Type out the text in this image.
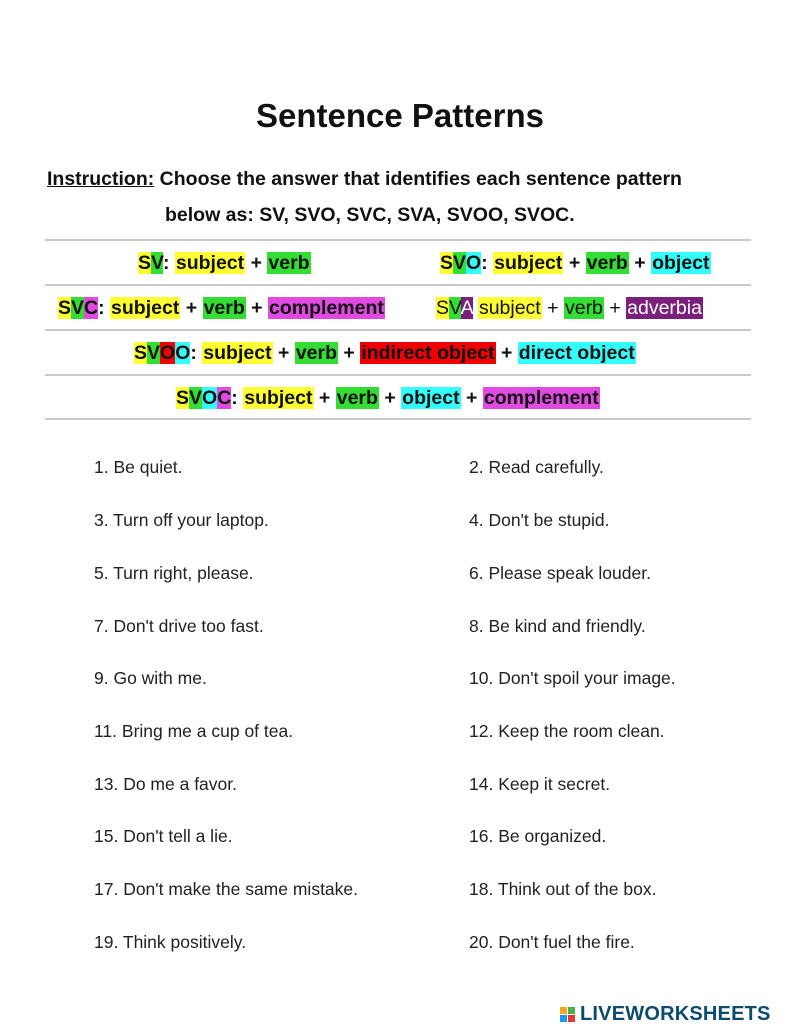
Sentence Patterns
Instruction: Choose the answer that identifies each sentence pattern
below as: SV, SVO, SVC, SVA, SVOO, SVOC.
SV: subject + verb	SVO: subject + verb + object
SVC: subject + verb + complement	SVA subject + verb + adverbia
SVOO: subject + verb + indirect object + direct object
SVOC: subject + verb + object + complement
1. Be quiet.	2. Read carefully.
3. Turn off your laptop.	4. Don't be stupid.
5. Turn right, please.	6. Please speak louder.
7. Don't drive too fast.	8. Be kind and friendly.
9. Go with me.	10. Don't spoil your image.
11. Bring me a cup of tea.	12. Keep the room clean.
13. Do me a favor.	14. Keep it secret.
15. Don't tell a lie.	16. Be organized.
17. Don't make the same mistake.	18. Think out of the box.
19. Think positively.	20. Don't fuel the fire.
LIVEWORKSHEETS
